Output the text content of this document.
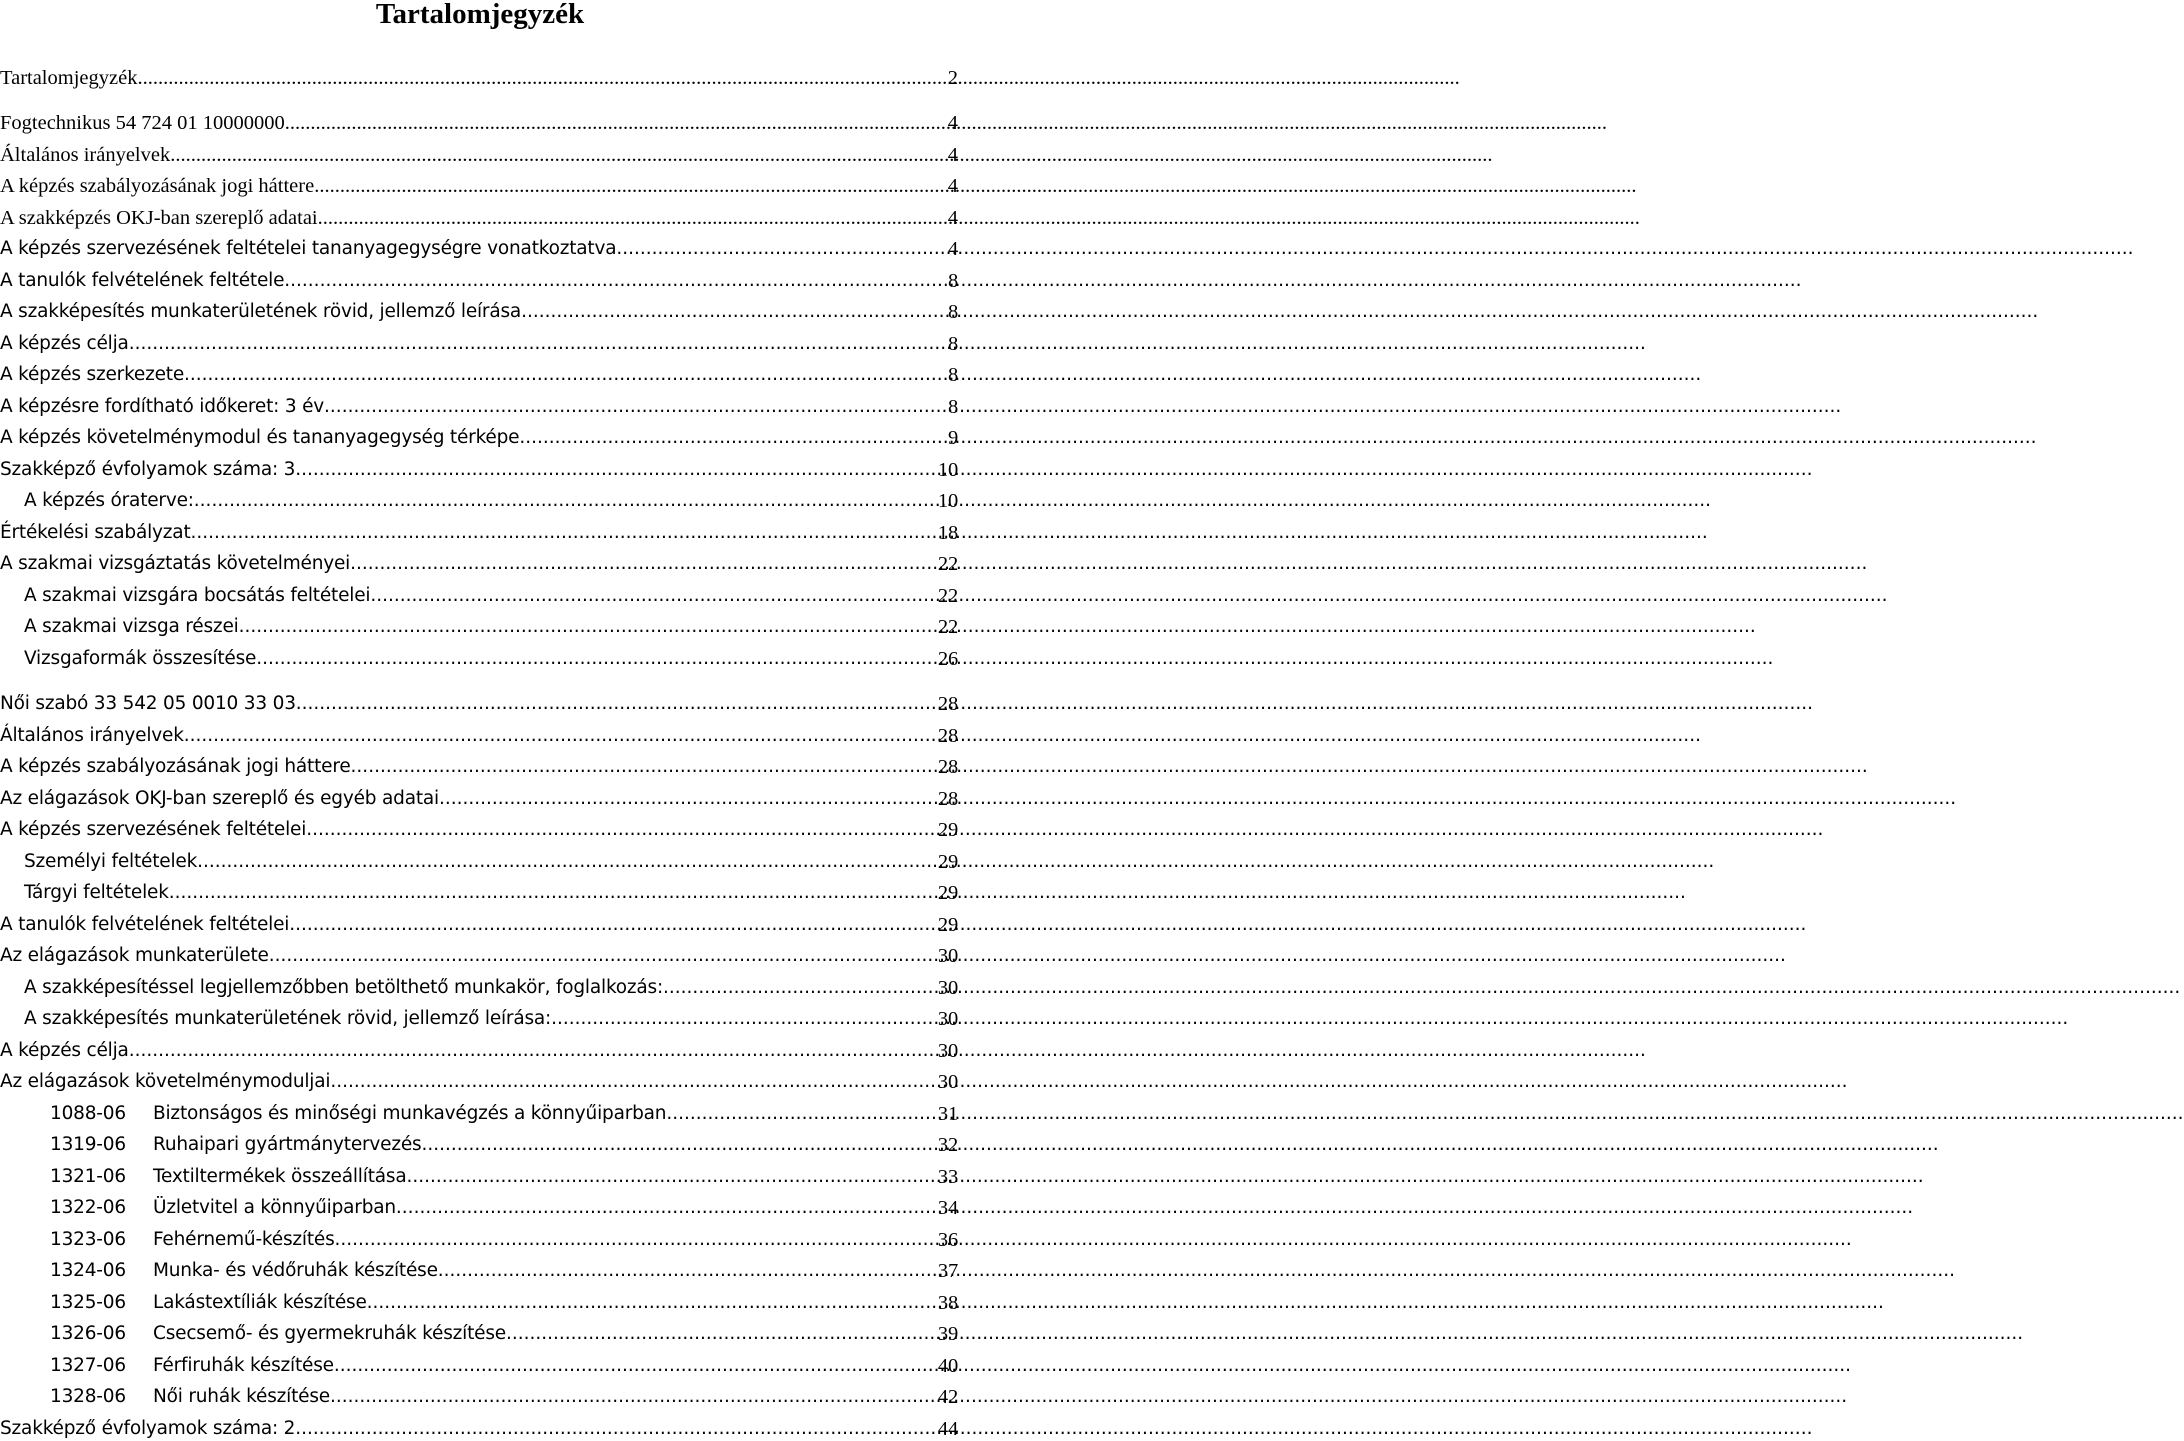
Tartalomjegyzék
Tartalomjegyzék .....	2
Fogtechnikus 54 724 01 10000000 .....	4
Általános irányelvek .....	4
A képzés szabályozásának jogi háttere .....	4
A szakképzés OKJ-ban szereplő adatai .....	4
A képzés szervezésének feltételei tananyagegységre vonatkoztatva .....	4
A tanulók felvételének feltétele .....	8
A szakképesítés munkaterületének rövid, jellemző leírása .....	8
A képzés célja .....	8
A képzés szerkezete .....	8
A képzésre fordítható időkeret: 3 év .....	8
A képzés követelménymodul és tananyagegység térképe .....	9
Szakképző évfolyamok száma: 3 .....	10
A képzés óraterve: .....	10
Értékelési szabályzat .....	18
A szakmai vizsgáztatás követelményei .....	22
A szakmai vizsgára bocsátás feltételei .....	22
A szakmai vizsga részei .....	22
Vizsgaformák összesítése .....	26
Női szabó 33 542 05 0010 33 03 .....	28
Általános irányelvek .....	28
A képzés szabályozásának jogi háttere .....	28
Az elágazások OKJ-ban szereplő és egyéb adatai .....	28
A képzés szervezésének feltételei .....	29
Személyi feltételek .....	29
Tárgyi feltételek .....	29
A tanulók felvételének feltételei .....	29
Az elágazások munkaterülete .....	30
A szakképesítéssel legjellemzőbben betölthető munkakör, foglalkozás: .....	30
A szakképesítés munkaterületének rövid, jellemző leírása: .....	30
A képzés célja .....	30
Az elágazások követelménymoduljai .....	30
1088-06	Biztonságos és minőségi munkavégzés a könnyűiparban .....	31
1319-06	Ruhaipari gyártmánytervezés .....	32
1321-06	Textiltermékek összeállítása .....	33
1322-06	Üzletvitel a könnyűiparban .....	34
1323-06	Fehérnemű-készítés .....	36
1324-06	Munka- és védőruhák készítése .....	37
1325-06	Lakástextíliák készítése .....	38
1326-06	Csecsemő- és gyermekruhák készítése .....	39
1327-06	Férfiruhák készítése .....	40
1328-06	Női ruhák készítése .....	42
Szakképző évfolyamok száma: 2 .....	44
